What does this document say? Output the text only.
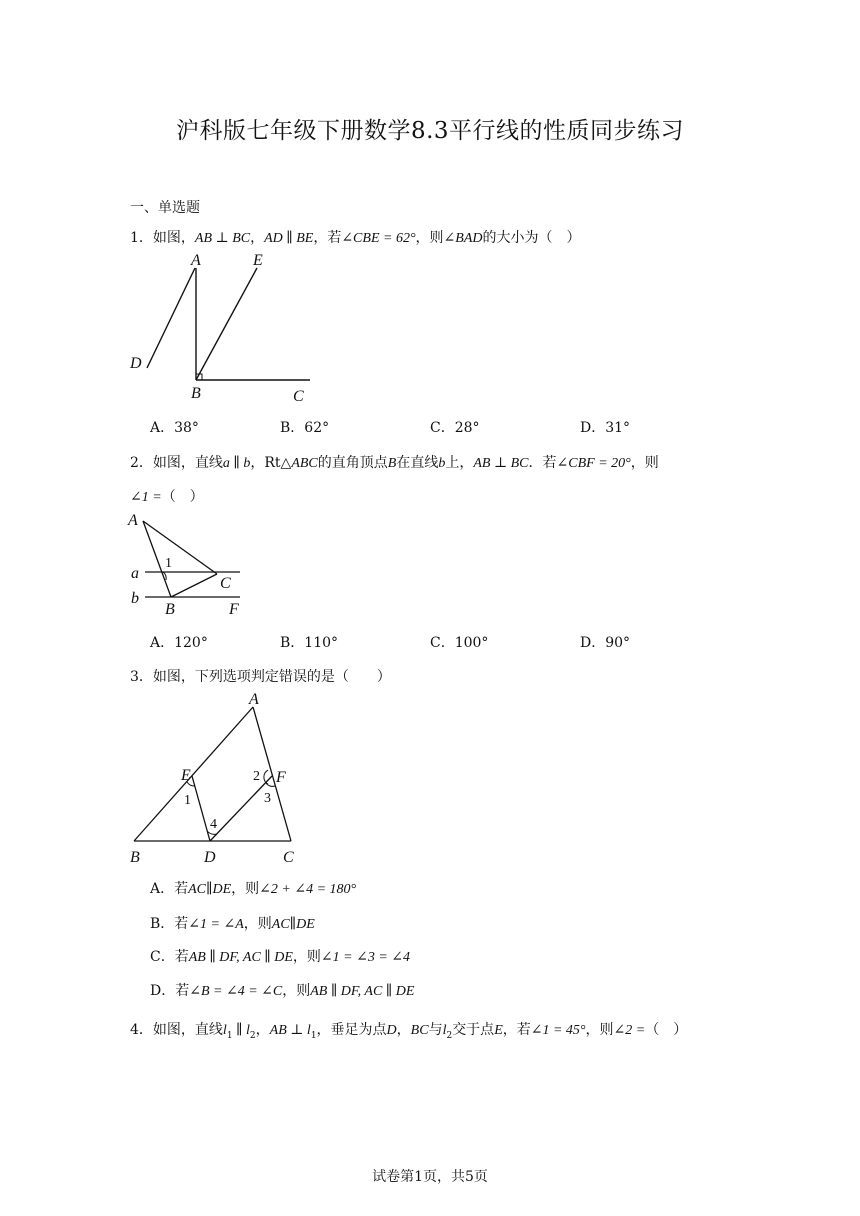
沪科版七年级下册数学8.3平行线的性质同步练习
一、单选题
1．如图，AB ⊥ BC，AD ∥ BE，若∠CBE = 62°，则∠BAD的大小为（　）
A	E
D
B	C
A．38°	B．62°	C．28°	D．31°
2．如图，直线a ∥ b，Rt△ABC的直角顶点B在直线b上，AB ⊥ BC．若∠CBF = 20°，则
∠1 =（　）
A
a
b
1
C
B	F
A．120°	B．110°	C．100°	D．90°
3．如图，下列选项判定错误的是（　　）
A
E	F
B	D	C
1
2
3
4
A．若AC∥DE，则∠2 + ∠4 = 180°
B．若∠1 = ∠A，则AC∥DE
C．若AB ∥ DF, AC ∥ DE，则∠1 = ∠3 = ∠4
D．若∠B = ∠4 = ∠C，则AB ∥ DF, AC ∥ DE
4．如图，直线$l_1$ ∥ $l_2$，AB ⊥ $l_1$，垂足为点D，BC与$l_2$交于点E，若∠1 = 45°，则∠2 =（　）
试卷第1页，共5页
